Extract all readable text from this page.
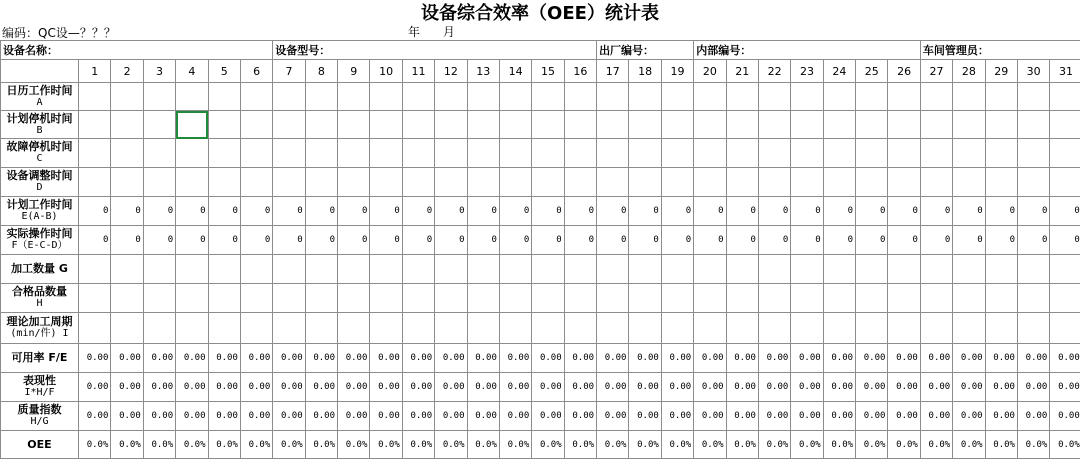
设备综合效率（OEE）统计表
编码：QC设—？？？	年 月
设备名称：							设备型号：										出厂编号：			内部编号：							车间管理员：				
	1	2	3	4	5	6	7	8	9	10	11	12	13	14	15	16	17	18	19	20	21	22	23	24	25	26	27	28	29	30	31

日历工作时间
A																															

计划停机时间
B																															

故障停机时间
C																															

设备调整时间
D																															

计划工作时间
E(A-B)	0	0	0	0	0	0	0	0	0	0	0	0	0	0	0	0	0	0	0	0	0	0	0	0	0	0	0	0	0	0	0

实际操作时间
F（E-C-D）	0	0	0	0	0	0	0	0	0	0	0	0	0	0	0	0	0	0	0	0	0	0	0	0	0	0	0	0	0	0	0

加工数量 G																															

合格品数量
H																															

理论加工周期
(min/件) I																															

可用率 F/E	0.00	0.00	0.00	0.00	0.00	0.00	0.00	0.00	0.00	0.00	0.00	0.00	0.00	0.00	0.00	0.00	0.00	0.00	0.00	0.00	0.00	0.00	0.00	0.00	0.00	0.00	0.00	0.00	0.00	0.00	0.00

表现性
I*H/F	0.00	0.00	0.00	0.00	0.00	0.00	0.00	0.00	0.00	0.00	0.00	0.00	0.00	0.00	0.00	0.00	0.00	0.00	0.00	0.00	0.00	0.00	0.00	0.00	0.00	0.00	0.00	0.00	0.00	0.00	0.00

质量指数
H/G	0.00	0.00	0.00	0.00	0.00	0.00	0.00	0.00	0.00	0.00	0.00	0.00	0.00	0.00	0.00	0.00	0.00	0.00	0.00	0.00	0.00	0.00	0.00	0.00	0.00	0.00	0.00	0.00	0.00	0.00	0.00

OEE	0.0%	0.0%	0.0%	0.0%	0.0%	0.0%	0.0%	0.0%	0.0%	0.0%	0.0%	0.0%	0.0%	0.0%	0.0%	0.0%	0.0%	0.0%	0.0%	0.0%	0.0%	0.0%	0.0%	0.0%	0.0%	0.0%	0.0%	0.0%	0.0%	0.0%	0.0%
